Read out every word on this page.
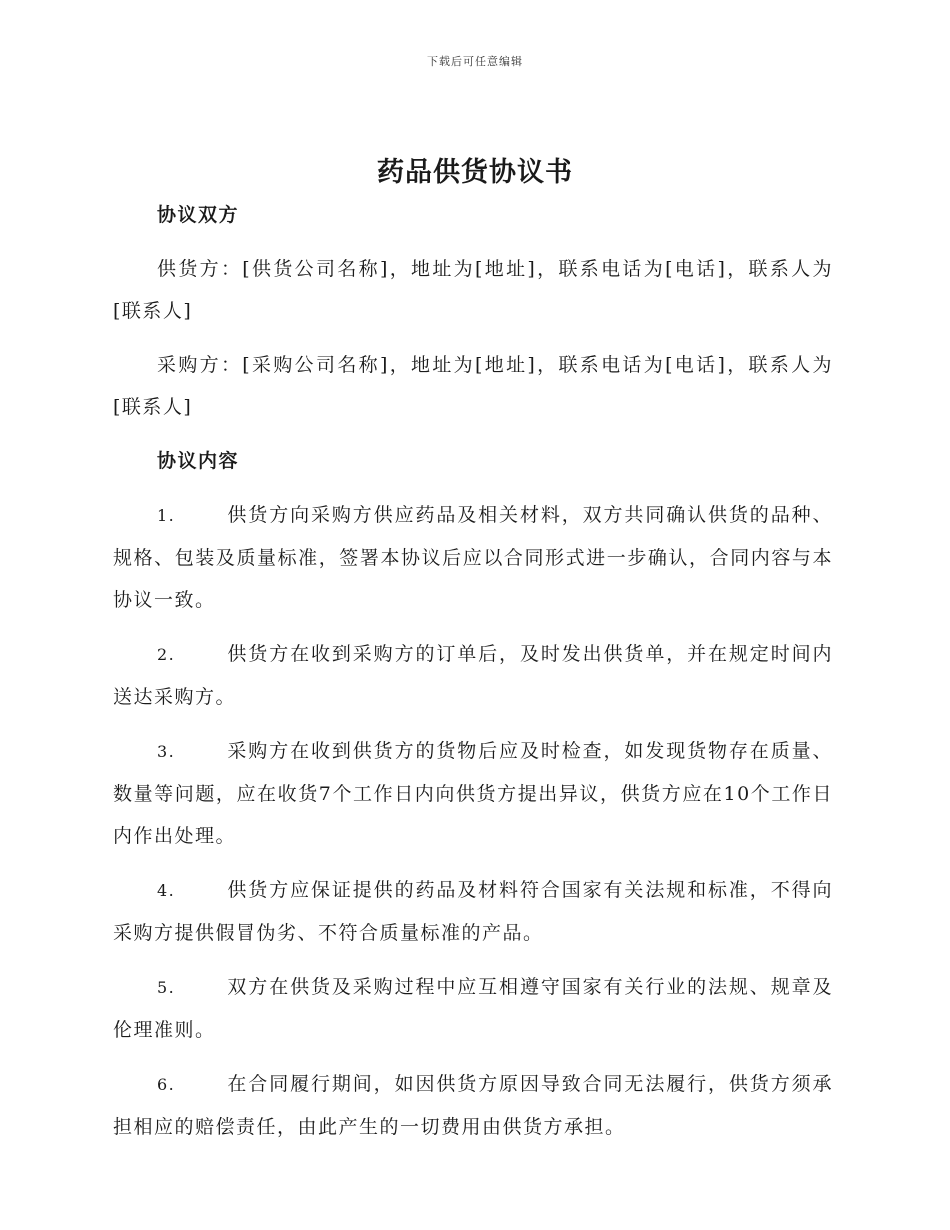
下载后可任意编辑
药品供货协议书
协议双方

供货方：[供货公司名称]，地址为[地址]，联系电话为[电话]，联系人为[联系人]

采购方：[采购公司名称]，地址为[地址]，联系电话为[电话]，联系人为[联系人]

协议内容

1.	供货方向采购方供应药品及相关材料，双方共同确认供货的品种、规格、包装及质量标准，签署本协议后应以合同形式进一步确认，合同内容与本协议一致。

2.	供货方在收到采购方的订单后，及时发出供货单，并在规定时间内送达采购方。

3.	采购方在收到供货方的货物后应及时检查，如发现货物存在质量、数量等问题，应在收货7个工作日内向供货方提出异议，供货方应在10个工作日内作出处理。

4.	供货方应保证提供的药品及材料符合国家有关法规和标准，不得向采购方提供假冒伪劣、不符合质量标准的产品。

5.	双方在供货及采购过程中应互相遵守国家有关行业的法规、规章及伦理准则。

6.	在合同履行期间，如因供货方原因导致合同无法履行，供货方须承担相应的赔偿责任，由此产生的一切费用由供货方承担。
